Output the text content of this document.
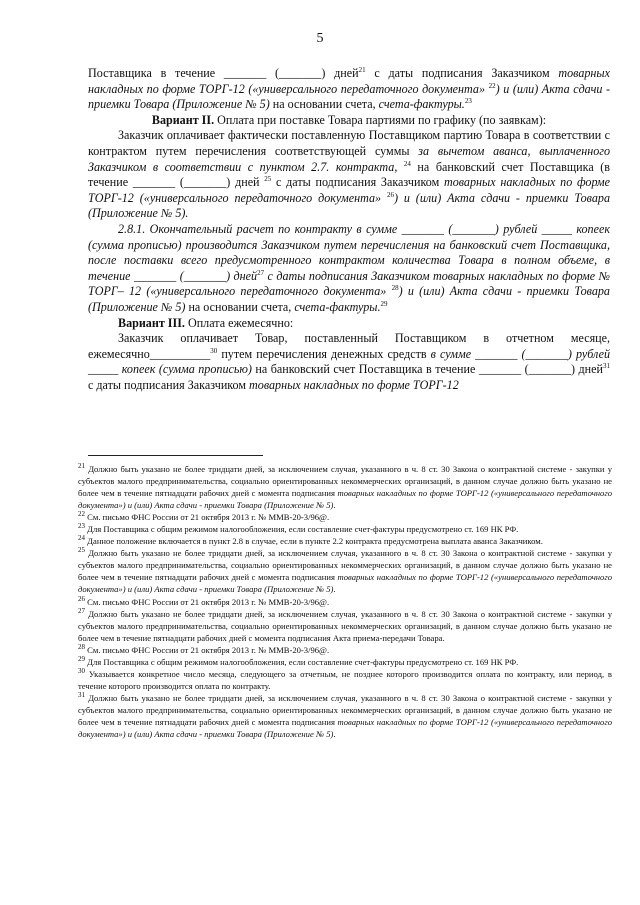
5

Поставщика в течение _______ (_______) дней$^{21}$ с даты подписания Заказчиком товарных накладных по форме ТОРГ-12 («универсального передаточного документа» $^{22}$) и (или) Акта сдачи - приемки Товара (Приложение № 5) на основании счета, счета-фактуры.$^{23}$

Вариант II. Оплата при поставке Товара партиями по графику (по заявкам):

Заказчик оплачивает фактически поставленную Поставщиком партию Товара в соответствии с контрактом путем перечисления соответствующей суммы за вычетом аванса, выплаченного Заказчиком в соответствии с пунктом 2.7. контракта, $^{24}$ на банковский счет Поставщика (в течение _______ (_______) дней $^{25}$ с даты подписания Заказчиком товарных накладных по форме ТОРГ-12 («универсального передаточного документа» $^{26}$) и (или) Акта сдачи - приемки Товара (Приложение № 5).

2.8.1. Окончательный расчет по контракту в сумме _______ (_______) рублей _____ копеек (сумма прописью) производится Заказчиком путем перечисления на банковский счет Поставщика, после поставки всего предусмотренного контрактом количества Товара в полном объеме, в течение _______ (_______) дней$^{27}$ с даты подписания Заказчиком товарных накладных по форме № ТОРГ– 12 («универсального передаточного документа» $^{28}$) и (или) Акта сдачи - приемки Товара (Приложение № 5) на основании счета, счета-фактуры.$^{29}$

Вариант III. Оплата ежемесячно:

Заказчик оплачивает Товар, поставленный Поставщиком в отчетном месяце, ежемесячно__________$^{30}$ путем перечисления денежных средств в сумме _______ (_______) рублей _____ копеек (сумма прописью) на банковский счет Поставщика в течение _______ (_______) дней$^{31}$ с даты подписания Заказчиком товарных накладных по форме ТОРГ-12

$^{21}$ Должно быть указано не более тридцати дней, за исключением случая, указанного в ч. 8 ст. 30 Закона о контрактной системе - закупки у субъектов малого предпринимательства, социально ориентированных некоммерческих организаций, в данном случае должно быть указано не более чем в течение пятнадцати рабочих дней с момента подписания товарных накладных по форме ТОРГ-12 («универсального передаточного документа») и (или) Акта сдачи - приемки Товара (Приложение № 5).

$^{22}$ См. письмо ФНС России от 21 октября 2013 г. № ММВ-20-3/96@.

$^{23}$ Для Поставщика с общим режимом налогообложения, если составление счет-фактуры предусмотрено ст. 169 НК РФ.

$^{24}$ Данное положение включается в пункт 2.8 в случае, если в пункте 2.2 контракта предусмотрена выплата аванса Заказчиком.

$^{25}$ Должно быть указано не более тридцати дней, за исключением случая, указанного в ч. 8 ст. 30 Закона о контрактной системе - закупки у субъектов малого предпринимательства, социально ориентированных некоммерческих организаций, в данном случае должно быть указано не более чем в течение пятнадцати рабочих дней с момента подписания товарных накладных по форме ТОРГ-12 («универсального передаточного документа») и (или) Акта сдачи - приемки Товара (Приложение № 5).

$^{26}$ См. письмо ФНС России от 21 октября 2013 г. № ММВ-20-3/96@.

$^{27}$ Должно быть указано не более тридцати дней, за исключением случая, указанного в ч. 8 ст. 30 Закона о контрактной системе - закупки у субъектов малого предпринимательства, социально ориентированных некоммерческих организаций, в данном случае должно быть указано не более чем в течение пятнадцати рабочих дней с момента подписания Акта приема-передачи Товара.

$^{28}$ См. письмо ФНС России от 21 октября 2013 г. № ММВ-20-3/96@.

$^{29}$ Для Поставщика с общим режимом налогообложения, если составление счет-фактуры предусмотрено ст. 169 НК РФ.

$^{30}$ Указывается конкретное число месяца, следующего за отчетным, не позднее которого производится оплата по контракту, или период, в течение которого производится оплата по контракту.

$^{31}$ Должно быть указано не более тридцати дней, за исключением случая, указанного в ч. 8 ст. 30 Закона о контрактной системе - закупки у субъектов малого предпринимательства, социально ориентированных некоммерческих организаций, в данном случае должно быть указано не более чем в течение пятнадцати рабочих дней с момента подписания товарных накладных по форме ТОРГ-12 («универсального передаточного документа») и (или) Акта сдачи - приемки Товара (Приложение № 5).
